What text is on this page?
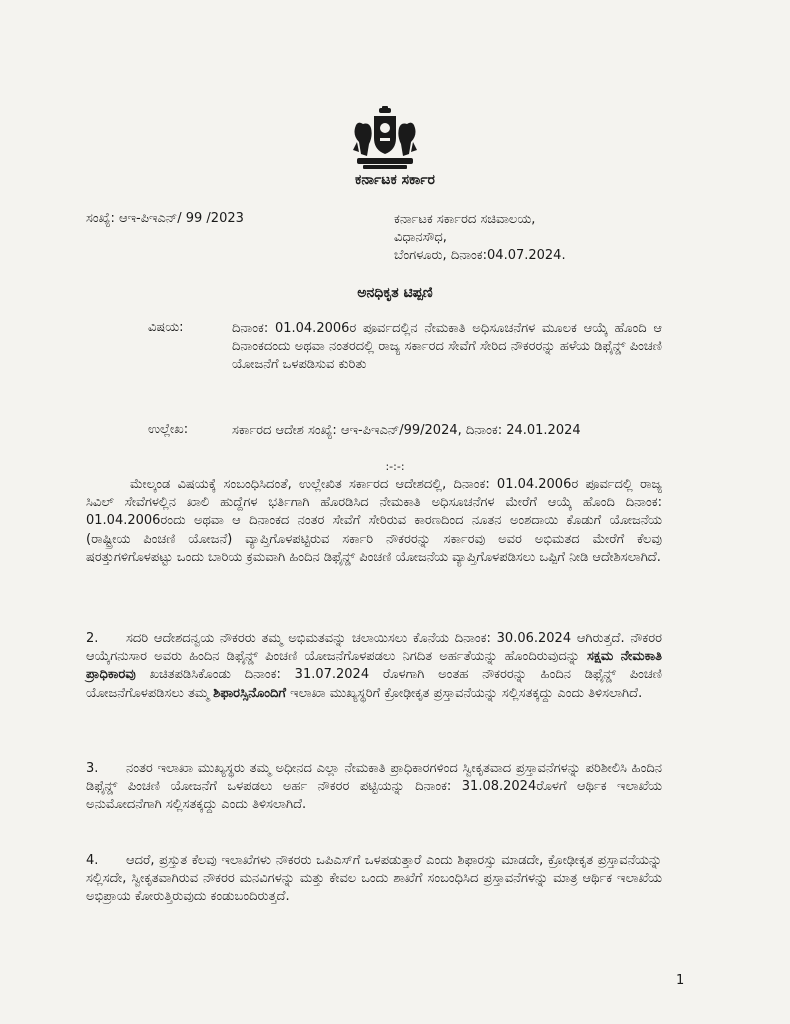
ಕರ್ನಾಟಕ ಸರ್ಕಾರ
ಸಂಖ್ಯೆ: ಆಇ-ಪಿಇಎನ್/ 99 /2023	ಕರ್ನಾಟಕ ಸರ್ಕಾರದ ಸಚಿವಾಲಯ,
ವಿಧಾನಸೌಧ,
ಬೆಂಗಳೂರು, ದಿನಾಂಕ:04.07.2024.
ಅನಧಿಕೃತ ಟಿಪ್ಪಣಿ
ವಿಷಯ:	ದಿನಾಂಕ: 01.04.2006ರ ಪೂರ್ವದಲ್ಲಿನ ನೇಮಕಾತಿ ಅಧಿಸೂಚನೆಗಳ ಮೂಲಕ ಆಯ್ಕೆ ಹೊಂದಿ ಆ ದಿನಾಂಕದಂದು ಅಥವಾ ನಂತರದಲ್ಲಿ ರಾಜ್ಯ ಸರ್ಕಾರದ ಸೇವೆಗೆ ಸೇರಿದ ನೌಕರರನ್ನು ಹಳೆಯ ಡಿಫೈನ್ಡ್ ಪಿಂಚಣಿ ಯೋಜನೆಗೆ ಒಳಪಡಿಸುವ ಕುರಿತು
ಉಲ್ಲೇಖ:	ಸರ್ಕಾರದ ಆದೇಶ ಸಂಖ್ಯೆ: ಆಇ-ಪಿಇಎನ್/99/2024, ದಿನಾಂಕ: 24.01.2024
:-:-:
ಮೇಲ್ಕಂಡ ವಿಷಯಕ್ಕೆ ಸಂಬಂಧಿಸಿದಂತೆ, ಉಲ್ಲೇಖಿತ ಸರ್ಕಾರದ ಆದೇಶದಲ್ಲಿ, ದಿನಾಂಕ: 01.04.2006ರ ಪೂರ್ವದಲ್ಲಿ ರಾಜ್ಯ ಸಿವಿಲ್ ಸೇವೆಗಳಲ್ಲಿನ ಖಾಲಿ ಹುದ್ದೆಗಳ ಭರ್ತಿಗಾಗಿ ಹೊರಡಿಸಿದ ನೇಮಕಾತಿ ಅಧಿಸೂಚನೆಗಳ ಮೇರೆಗೆ ಆಯ್ಕೆ ಹೊಂದಿ ದಿನಾಂಕ: 01.04.2006ರಂದು ಅಥವಾ ಆ ದಿನಾಂಕದ ನಂತರ ಸೇವೆಗೆ ಸೇರಿರುವ ಕಾರಣದಿಂದ ನೂತನ ಅಂಶದಾಯಿ ಕೊಡುಗೆ ಯೋಜನೆಯ (ರಾಷ್ಟ್ರೀಯ ಪಿಂಚಣಿ ಯೋಜನೆ) ವ್ಯಾಪ್ತಿಗೊಳಪಟ್ಟಿರುವ ಸರ್ಕಾರಿ ನೌಕರರನ್ನು ಸರ್ಕಾರವು ಅವರ ಅಭಿಮತದ ಮೇರೆಗೆ ಕೆಲವು ಷರತ್ತುಗಳಿಗೊಳಪಟ್ಟು ಒಂದು ಬಾರಿಯ ಕ್ರಮವಾಗಿ ಹಿಂದಿನ ಡಿಫೈನ್ಡ್ ಪಿಂಚಣಿ ಯೋಜನೆಯ ವ್ಯಾಪ್ತಿಗೊಳಪಡಿಸಲು ಒಪ್ಪಿಗೆ ನೀಡಿ ಆದೇಶಿಸಲಾಗಿದೆ.
2. ಸದರಿ ಆದೇಶದನ್ವಯ ನೌಕರರು ತಮ್ಮ ಅಭಿಮತವನ್ನು ಚಲಾಯಿಸಲು ಕೊನೆಯ ದಿನಾಂಕ: 30.06.2024 ಆಗಿರುತ್ತದೆ. ನೌಕರರ ಆಯ್ಕೆಗನುಸಾರ ಅವರು ಹಿಂದಿನ ಡಿಫೈನ್ಡ್ ಪಿಂಚಣಿ ಯೋಜನೆಗೊಳಪಡಲು ನಿಗದಿತ ಅರ್ಹತೆಯನ್ನು ಹೊಂದಿರುವುದನ್ನು ಸಕ್ಷಮ ನೇಮಕಾತಿ ಪ್ರಾಧಿಕಾರವು ಖಚಿತಪಡಿಸಿಕೊಂಡು ದಿನಾಂಕ: 31.07.2024 ರೊಳಗಾಗಿ ಅಂತಹ ನೌಕರರನ್ನು ಹಿಂದಿನ ಡಿಫೈನ್ಡ್ ಪಿಂಚಣಿ ಯೋಜನೆಗೊಳಪಡಿಸಲು ತಮ್ಮ ಶಿಫಾರಸ್ಸಿನೊಂದಿಗೆ ಇಲಾಖಾ ಮುಖ್ಯಸ್ಥರಿಗೆ ಕ್ರೋಢೀಕೃತ ಪ್ರಸ್ತಾವನೆಯನ್ನು ಸಲ್ಲಿಸತಕ್ಕದ್ದು ಎಂದು ತಿಳಿಸಲಾಗಿದೆ.
3. ನಂತರ ಇಲಾಖಾ ಮುಖ್ಯಸ್ಥರು ತಮ್ಮ ಅಧೀನದ ಎಲ್ಲಾ ನೇಮಕಾತಿ ಪ್ರಾಧಿಕಾರಗಳಿಂದ ಸ್ವೀಕೃತವಾದ ಪ್ರಸ್ತಾವನೆಗಳನ್ನು ಪರಿಶೀಲಿಸಿ ಹಿಂದಿನ ಡಿಫೈನ್ಡ್ ಪಿಂಚಣಿ ಯೋಜನೆಗೆ ಒಳಪಡಲು ಅರ್ಹ ನೌಕರರ ಪಟ್ಟಿಯನ್ನು ದಿನಾಂಕ: 31.08.2024ರೊಳಗೆ ಆರ್ಥಿಕ ಇಲಾಖೆಯ ಅನುಮೋದನೆಗಾಗಿ ಸಲ್ಲಿಸತಕ್ಕದ್ದು ಎಂದು ತಿಳಿಸಲಾಗಿದೆ.
4. ಆದರೆ, ಪ್ರಸ್ತುತ ಕೆಲವು ಇಲಾಖೆಗಳು ನೌಕರರು ಒಪಿಎಸ್‌ಗೆ ಒಳಪಡುತ್ತಾರೆ ಎಂದು ಶಿಫಾರಸ್ಸು ಮಾಡದೇ, ಕ್ರೋಢೀಕೃತ ಪ್ರಸ್ತಾವನೆಯನ್ನು ಸಲ್ಲಿಸದೇ, ಸ್ವೀಕೃತವಾಗಿರುವ ನೌಕರರ ಮನವಿಗಳನ್ನು ಮತ್ತು ಕೇವಲ ಒಂದು ಶಾಖೆಗೆ ಸಂಬಂಧಿಸಿದ ಪ್ರಸ್ತಾವನೆಗಳನ್ನು ಮಾತ್ರ ಆರ್ಥಿಕ ಇಲಾಖೆಯ ಅಭಿಪ್ರಾಯ ಕೋರುತ್ತಿರುವುದು ಕಂಡುಬಂದಿರುತ್ತದೆ.
1
